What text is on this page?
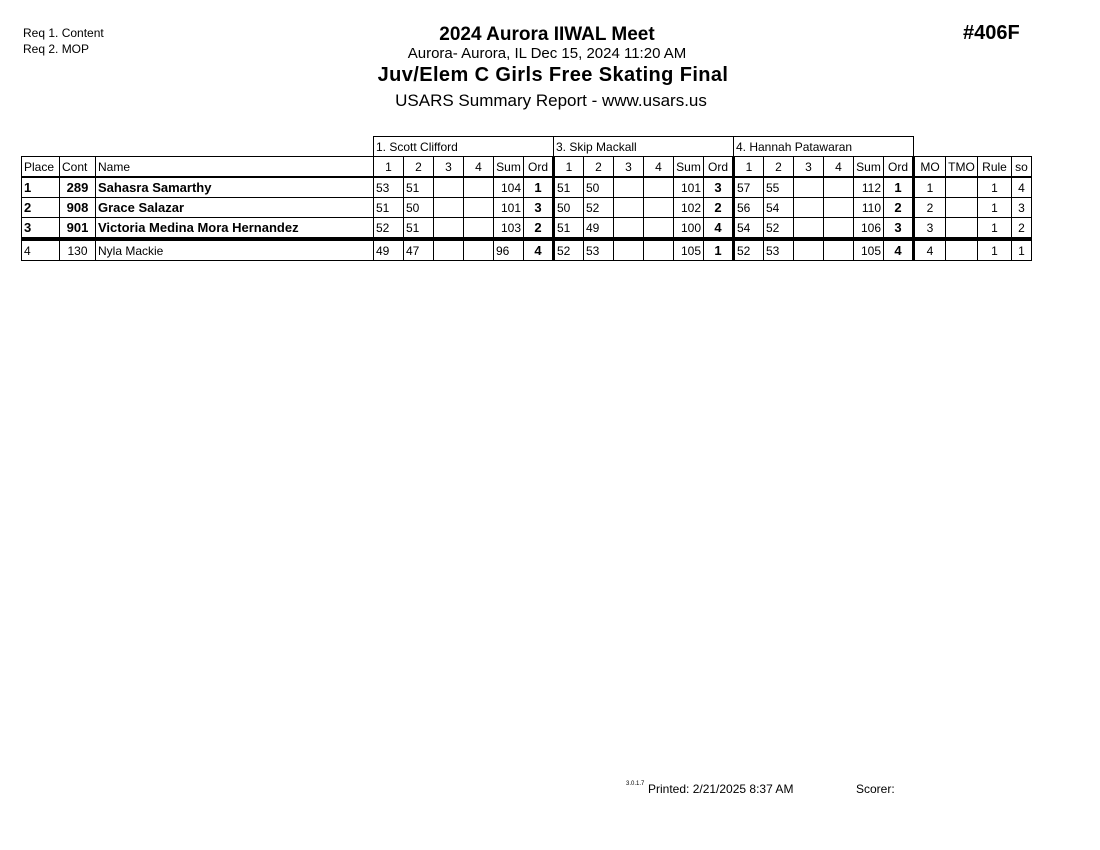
Req 1. Content
Req 2. MOP
#406F
2024 Aurora IIWAL Meet
Aurora- Aurora, IL Dec 15, 2024 11:20 AM
Juv/Elem C Girls Free Skating Final
USARS Summary Report - www.usars.us
			1. Scott Clifford						3. Skip Mackall						4. Hannah Patawaran									
Place	Cont	Name	1	2	3	4	Sum	Ord	1	2	3	4	Sum	Ord	1	2	3	4	Sum	Ord	MO	TMO	Rule	so
1	289	Sahasra Samarthy	53	51			104	1	51	50			101	3	57	55			112	1	1		1	4
2	908	Grace Salazar	51	50			101	3	50	52			102	2	56	54			110	2	2		1	3
3	901	Victoria Medina Mora Hernandez	52	51			103	2	51	49			100	4	54	52			106	3	3		1	2
4	130	Nyla Mackie	49	47			96	4	52	53			105	1	52	53			105	4	4		1	1
3.0.1.7 Printed: 2/21/2025 8:37 AM	Scorer:
